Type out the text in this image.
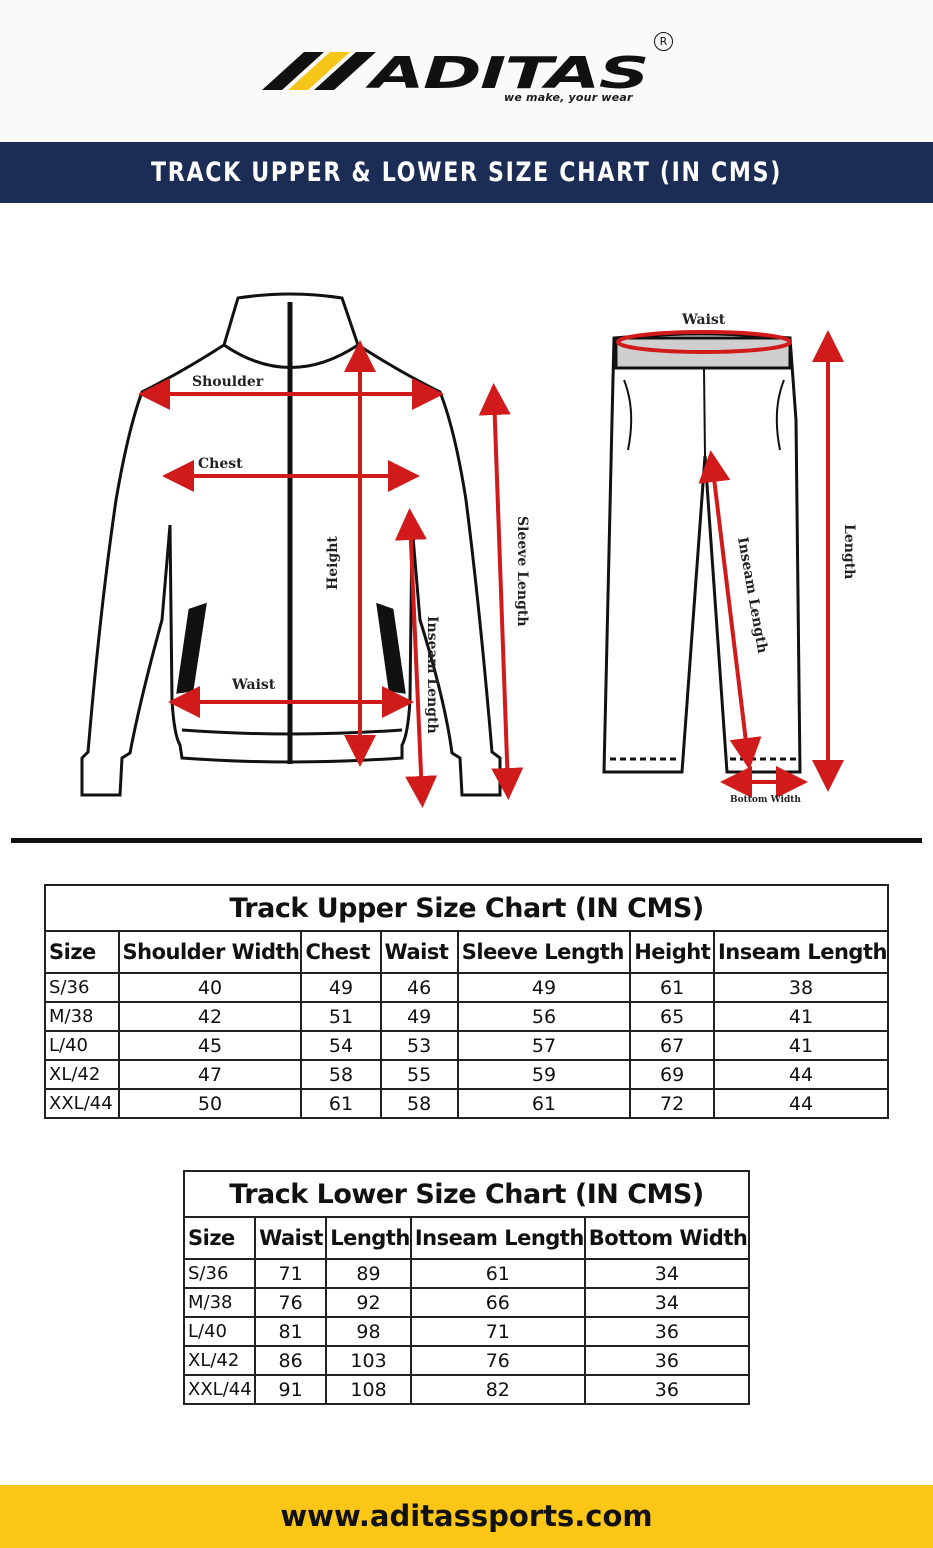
ADITAS
R
we make, your wear
TRACK UPPER & LOWER SIZE CHART (IN CMS)
Shoulder
Chest
Waist
Height	Sleeve Length
Inseam Length
Waist
Length
Inseam Length
Bottom Width
Track Upper Size Chart (IN CMS)						
Size	Shoulder Width	Chest	Waist	Sleeve Length	Height	Inseam Length
S/36	40	49	46	49	61	38
M/38	42	51	49	56	65	41
L/40	45	54	53	57	67	41
XL/42	47	58	55	59	69	44
XXL/44	50	61	58	61	72	44
Track Lower Size Chart (IN CMS)				
Size	Waist	Length	Inseam Length	Bottom Width
S/36	71	89	61	34
M/38	76	92	66	34
L/40	81	98	71	36
XL/42	86	103	76	36
XXL/44	91	108	82	36
www.aditassports.com
